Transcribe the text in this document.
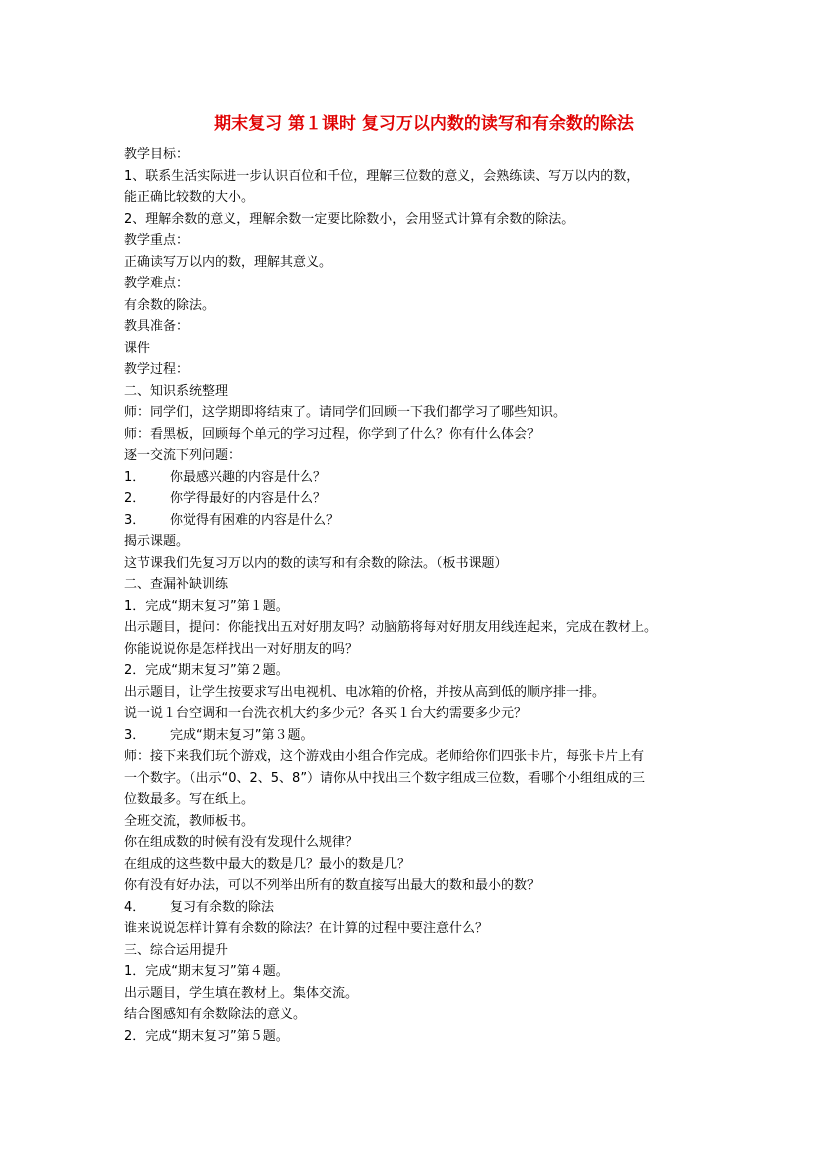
期末复习 第１课时 复习万以内数的读写和有余数的除法
教学目标：
1、联系生活实际进一步认识百位和千位，理解三位数的意义，会熟练读、写万以内的数，
能正确比较数的大小。
2、理解余数的意义，理解余数一定要比除数小，会用竖式计算有余数的除法。
教学重点：
正确读写万以内的数，理解其意义。
教学难点：
有余数的除法。
教具准备：
课件
教学过程：
二、知识系统整理
师：同学们，这学期即将结束了。请同学们回顾一下我们都学习了哪些知识。
师：看黑板，回顾每个单元的学习过程，你学到了什么？你有什么体会？
逐一交流下列问题：
1． 你最感兴趣的内容是什么？
2． 你学得最好的内容是什么？
3． 你觉得有困难的内容是什么？
揭示课题。
这节课我们先复习万以内的数的读写和有余数的除法。（板书课题）
二、查漏补缺训练
1．完成“期末复习”第１题。
出示题目，提问：你能找出五对好朋友吗？动脑筋将每对好朋友用线连起来，完成在教材上。
你能说说你是怎样找出一对好朋友的吗？
2．完成“期末复习”第２题。
出示题目，让学生按要求写出电视机、电冰箱的价格，并按从高到低的顺序排一排。
说一说１台空调和一台洗衣机大约多少元？各买１台大约需要多少元？
3． 完成“期末复习”第３题。
师：接下来我们玩个游戏，这个游戏由小组合作完成。老师给你们四张卡片，每张卡片上有
一个数字。（出示“0、2、5、8”）请你从中找出三个数字组成三位数，看哪个小组组成的三
位数最多。写在纸上。
全班交流，教师板书。
你在组成数的时候有没有发现什么规律？
在组成的这些数中最大的数是几？最小的数是几？
你有没有好办法，可以不列举出所有的数直接写出最大的数和最小的数？
4． 复习有余数的除法
谁来说说怎样计算有余数的除法？在计算的过程中要注意什么？
三、综合运用提升
1．完成“期末复习”第４题。
出示题目，学生填在教材上。集体交流。
结合图感知有余数除法的意义。
2．完成“期末复习”第５题。
